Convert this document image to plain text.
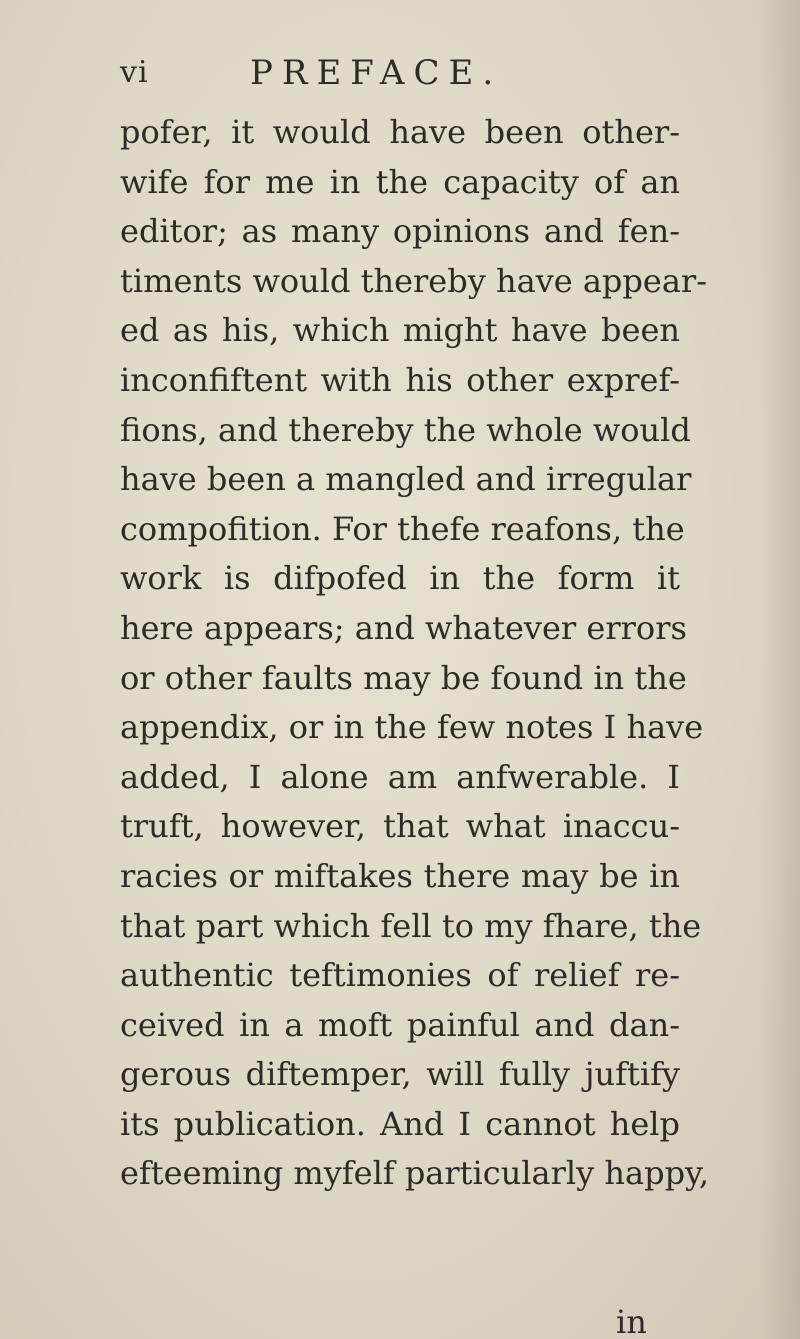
vi	PREFACE.
pofer, it would have been other-
wife for me in the capacity of an
editor; as many opinions and fen-
timents would thereby have appear-
ed as his, which might have been
inconfiftent with his other expref-
fions, and thereby the whole would
have been a mangled and irregular
compofition. For thefe reafons, the
work is difpofed in the form it
here appears; and whatever errors
or other faults may be found in the
appendix, or in the few notes I have
added, I alone am anfwerable. I
truft, however, that what inaccu-
racies or miftakes there may be in
that part which fell to my fhare, the
authentic teftimonies of relief re-
ceived in a moft painful and dan-
gerous diftemper, will fully juftify
its publication. And I cannot help
efteeming myfelf particularly happy,
in
